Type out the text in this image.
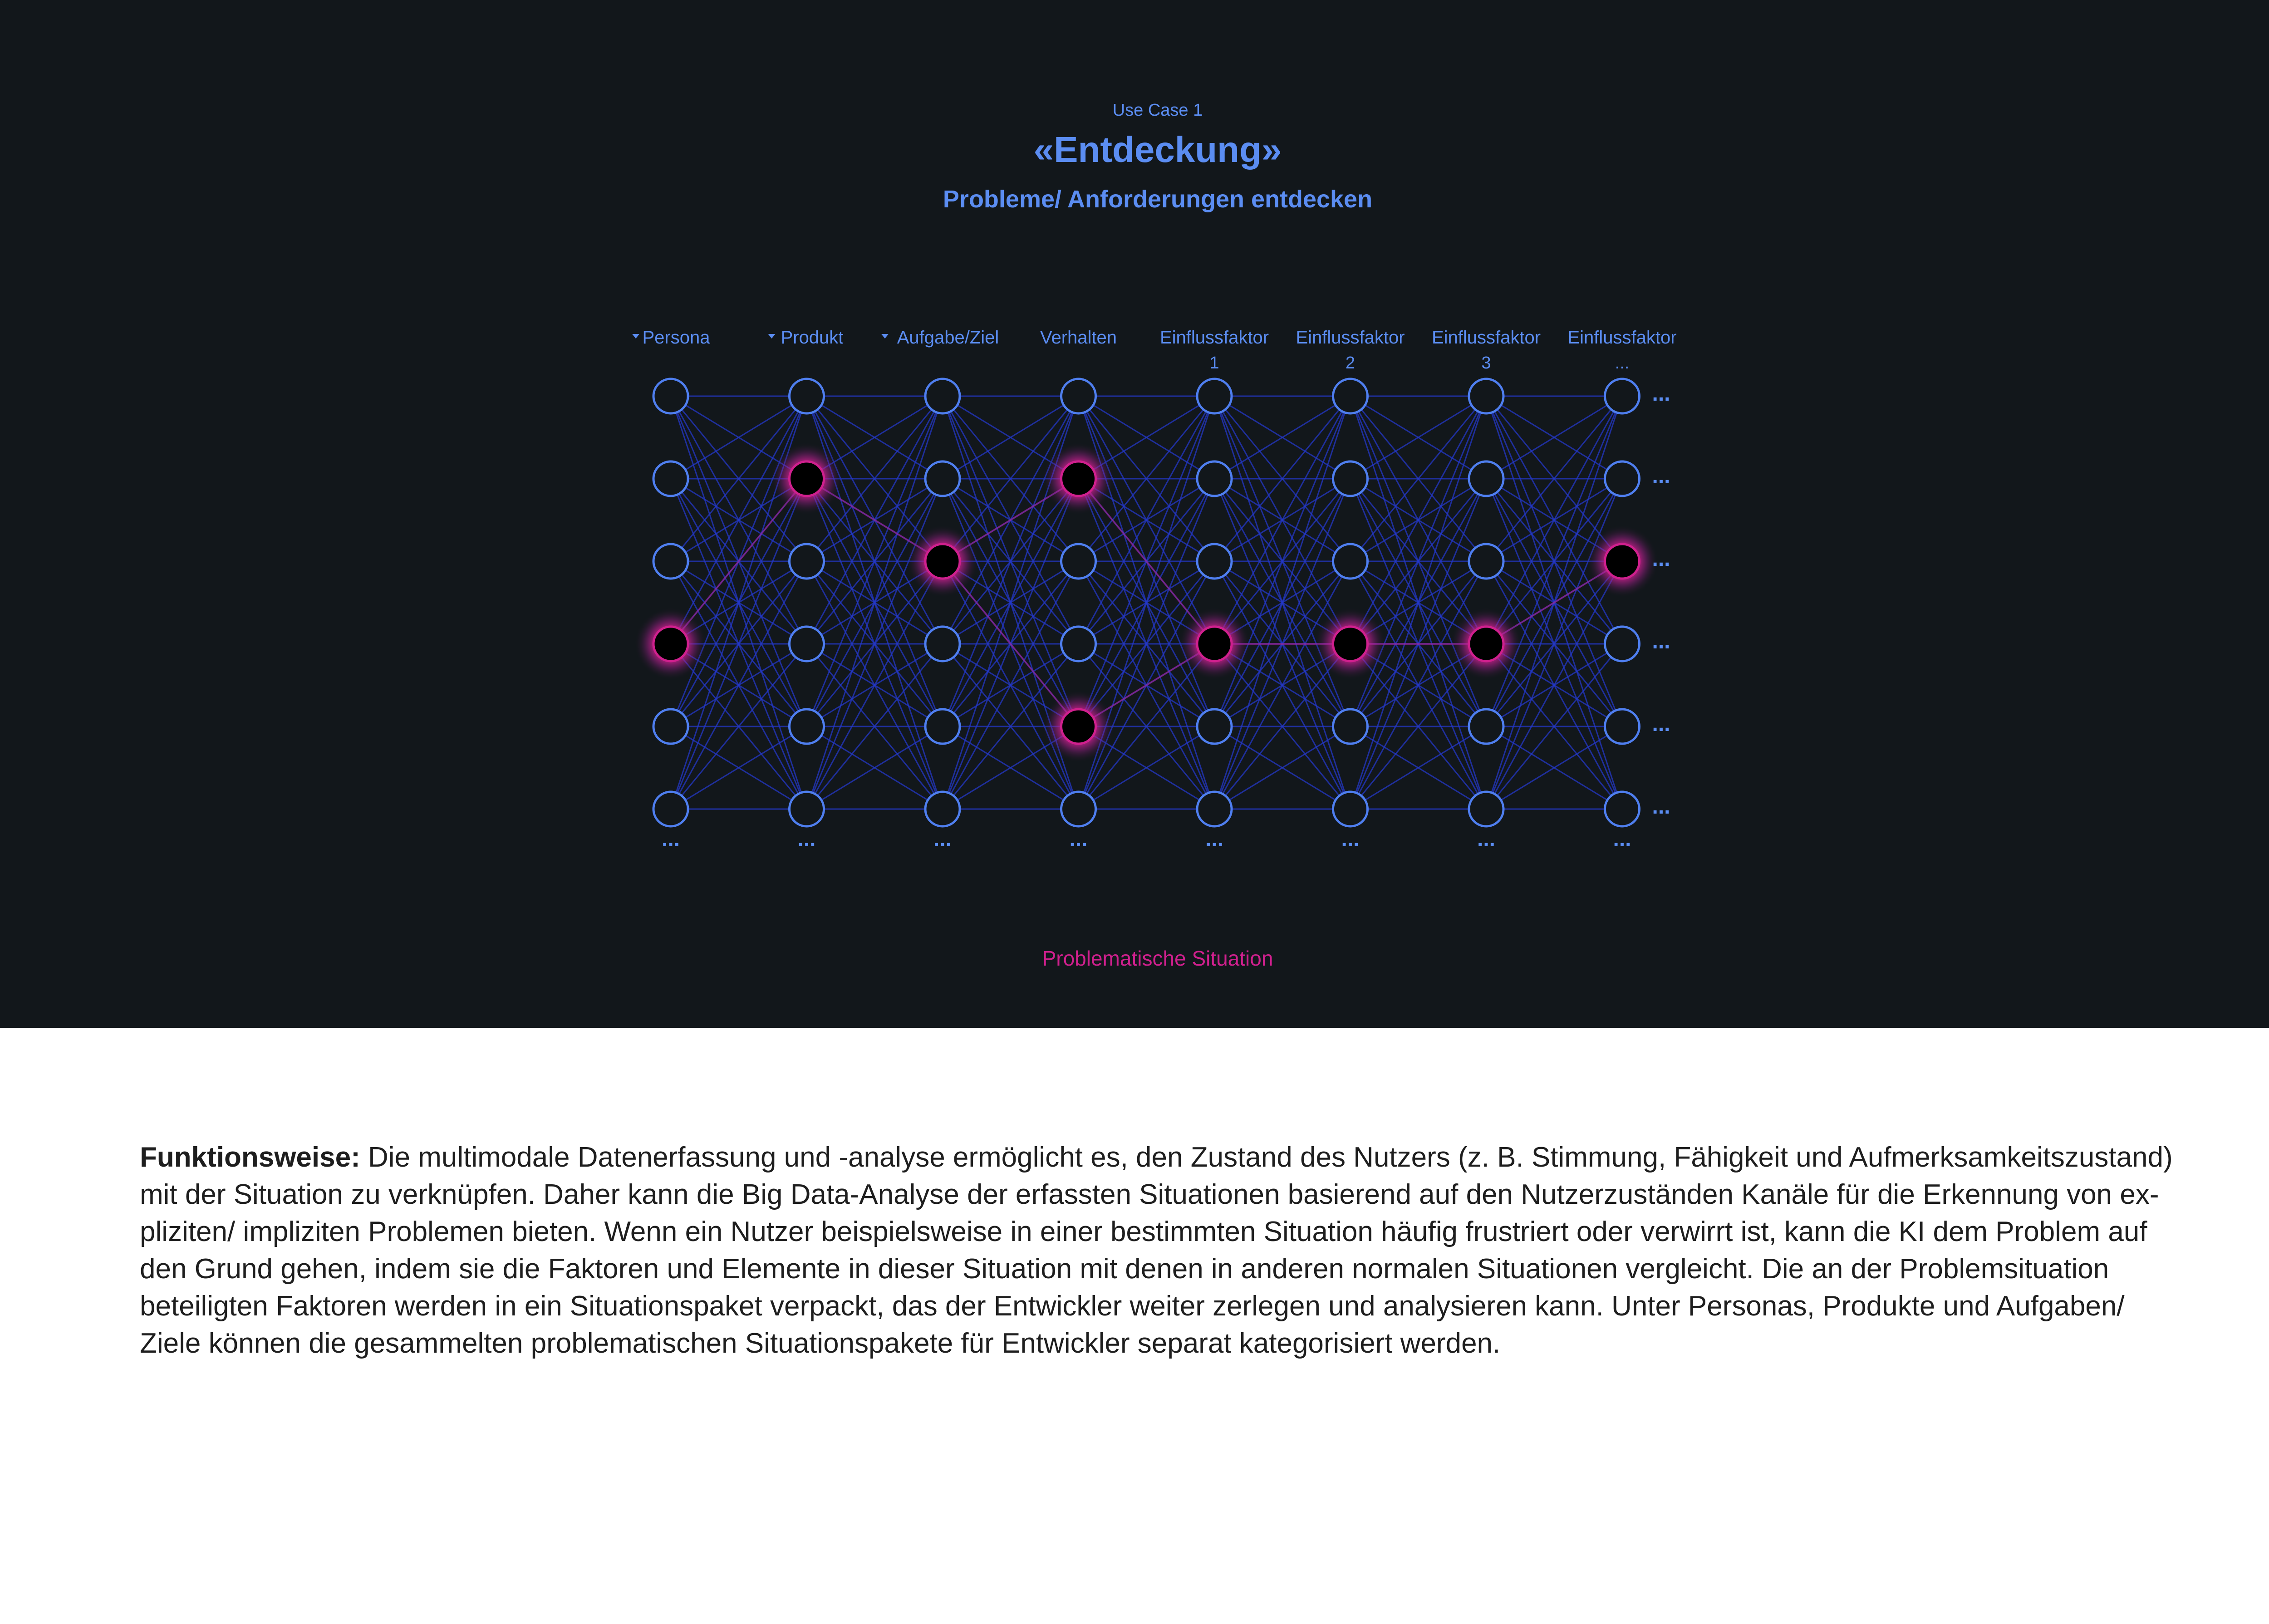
Use Case 1
«Entdeckung»
Probleme/ Anforderungen entdecken
...
Persona
...
Produkt
...
Aufgabe/Ziel
...
Verhalten
...
Einflussfaktor
1
...
Einflussfaktor
2
...
Einflussfaktor
3
...
...
...
...
...
...
...
Einflussfaktor
...
Problematische Situation
Funktionsweise: Die multimodale Datenerfassung und -analyse ermöglicht es, den Zustand des Nutzers (z. B. Stimmung, Fähigkeit und Aufmerksamkeitszustand) mit der Situation zu verknüpfen. Daher kann die Big Data-Analyse der erfassten Situationen basierend auf den Nutzerzuständen Kanäle für die Erkennung von ex-pliziten/ impliziten Problemen bieten. Wenn ein Nutzer beispielsweise in einer bestimmten Situation häufig frustriert oder verwirrt ist, kann die KI dem Problem auf den Grund gehen, indem sie die Faktoren und Elemente in dieser Situation mit denen in anderen normalen Situationen vergleicht. Die an der Problemsituation beteiligten Faktoren werden in ein Situationspaket verpackt, das der Entwickler weiter zerlegen und analysieren kann. Unter Personas, Produkte und Aufgaben/ Ziele können die gesammelten problematischen Situationspakete für Entwickler separat kategorisiert werden.
